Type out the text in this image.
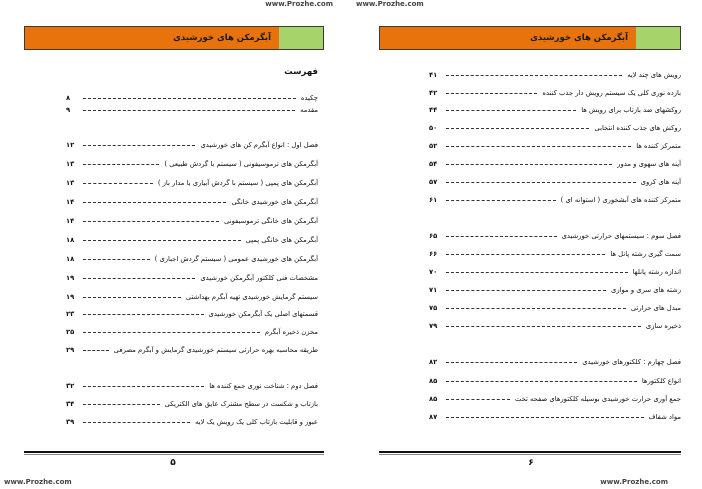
www.Prozhe.com
آبگرمکن های خورشیدی
فهرست
چکیده
۸
مقدمه
۹
فصل اول : انواع آبگرم کن های خورشیدی
۱۲
آبگرمکن های ترموسیفونی ( سیستم با گردش طبیعی )
۱۳
آبگرمکن های پمپی ( سیستم با گردش آبیاری یا مدار باز )
۱۳
آبگرمکن های خورشیدی خانگی
۱۴
آبگرمکن های خانگی ترموسیفونی
۱۴
آبگرمکن های خانگی پمپی
۱۸
آبگرمکن های خورشیدی عمومی ( سیستم گردش اجباری )
۱۸
مشخصات فنی کلکتور آبگرمکن خورشیدی
۱۹
سیستم گرمایش خورشیدی تهیه آبگرم بهداشتی
۱۹
قسمتهای اصلی یک آبگرمکن خورشیدی
۲۳
مخزن ذخیره آبگرم
۲۵
طریقه محاسبه بهره حرارتی سیستم خورشیدی گرمایش و آبگرم مصرفی
۲۹
فصل دوم : شناخت نوری جمع کننده ها
۳۲
بازتاب و شکست در سطح مشترک عایق های الکتریکی
۳۴
عبور و قابلیت بازتاب کلی یک رویش یک لایه
۳۹
۵
www.Prozhe.com
www.Prozhe.com
آبگرمکن های خورشیدی
رویش های چند لایه
۴۱
بازده نوری کلی یک سیستم رویش دار جذب کننده
۴۲
روکشهای ضد بازتاب برای رویش ها
۴۴
روکش های جذب کننده انتخابی
۵۰
متمرکز کننده ها
۵۲
آینه های سهوی و مدور
۵۴
آینه های کروی
۵۷
متمرکز کننده های آبشخوری ( استوانه ای )
۶۱
فصل سوم : سیستمهای حرارتی خورشیدی
۶۵
سمت گیری رشته پانل ها
۶۶
اندازه رشته پانلها
۷۰
رشته های سری و موازی
۷۱
مبدل های حرارتی
۷۵
ذخیره سازی
۷۹
فصل چهارم : کلکتورهای خورشیدی
۸۲
انواع کلکتورها
۸۵
جمع آوری حرارت خورشیدی بوسیله کلکتورهای صفحه تخت
۸۵
مواد شفاف
۸۷
۶
www.Prozhe.com
